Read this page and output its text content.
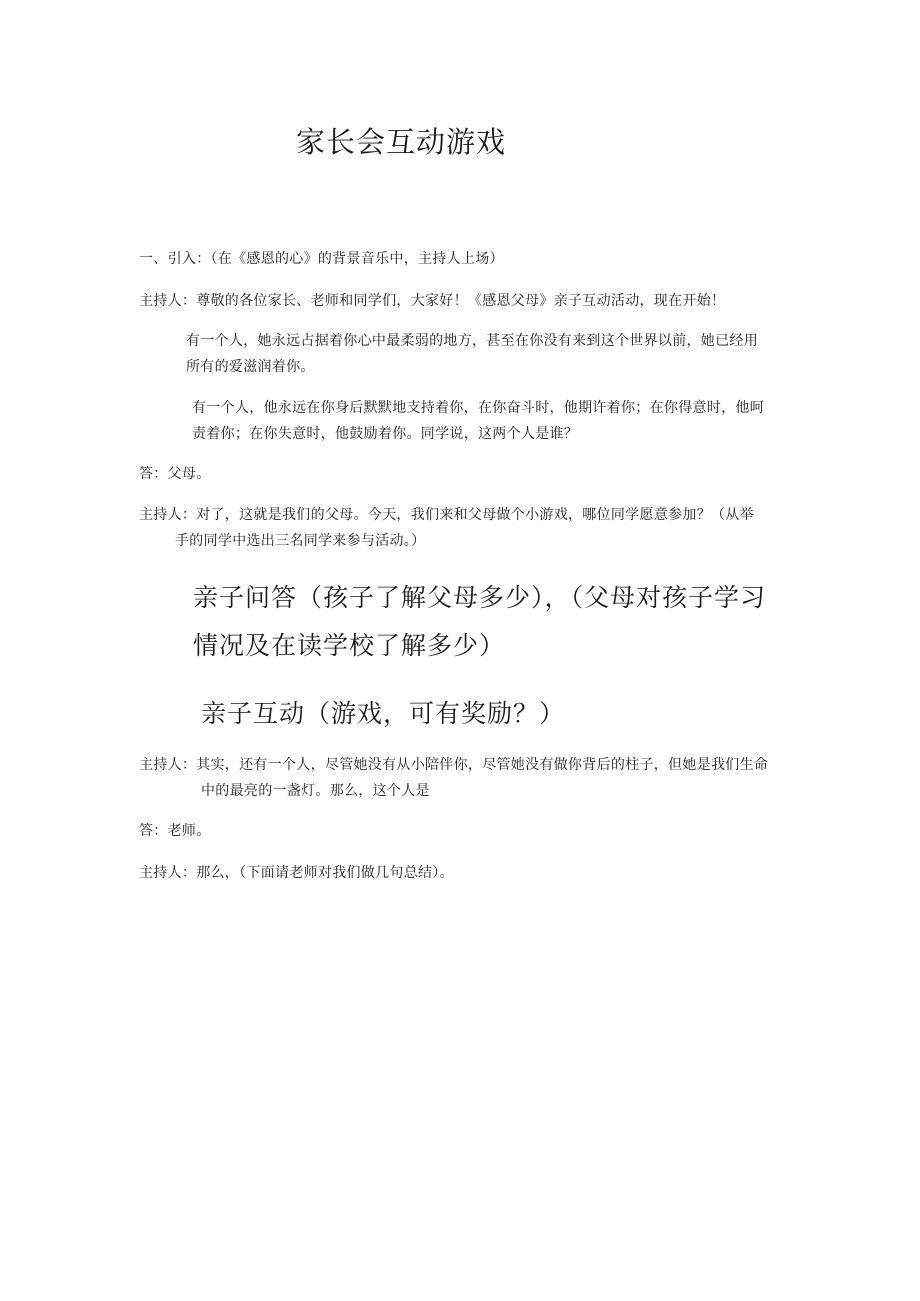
家长会互动游戏
一、引入：（在《感恩的心》的背景音乐中，主持人上场）
主持人：尊敬的各位家长、老师和同学们，大家好！《感恩父母》亲子互动活动，现在开始！
有一个人，她永远占据着你心中最柔弱的地方，甚至在你没有来到这个世界以前，她已经用
所有的爱滋润着你。
有一个人，他永远在你身后默默地支持着你，在你奋斗时，他期许着你；在你得意时，他呵
责着你；在你失意时，他鼓励着你。同学说，这两个人是谁？
答：父母。
主持人：对了，这就是我们的父母。今天，我们来和父母做个小游戏，哪位同学愿意参加？（从举
手的同学中选出三名同学来参与活动。）
亲子问答（孩子了解父母多少），（父母对孩子学习
情况及在读学校了解多少）
亲子互动（游戏，可有奖励？）
主持人：其实，还有一个人，尽管她没有从小陪伴你，尽管她没有做你背后的柱子，但她是我们生命
中的最亮的一盏灯。那么，这个人是
答：老师。
主持人：那么，（下面请老师对我们做几句总结）。
